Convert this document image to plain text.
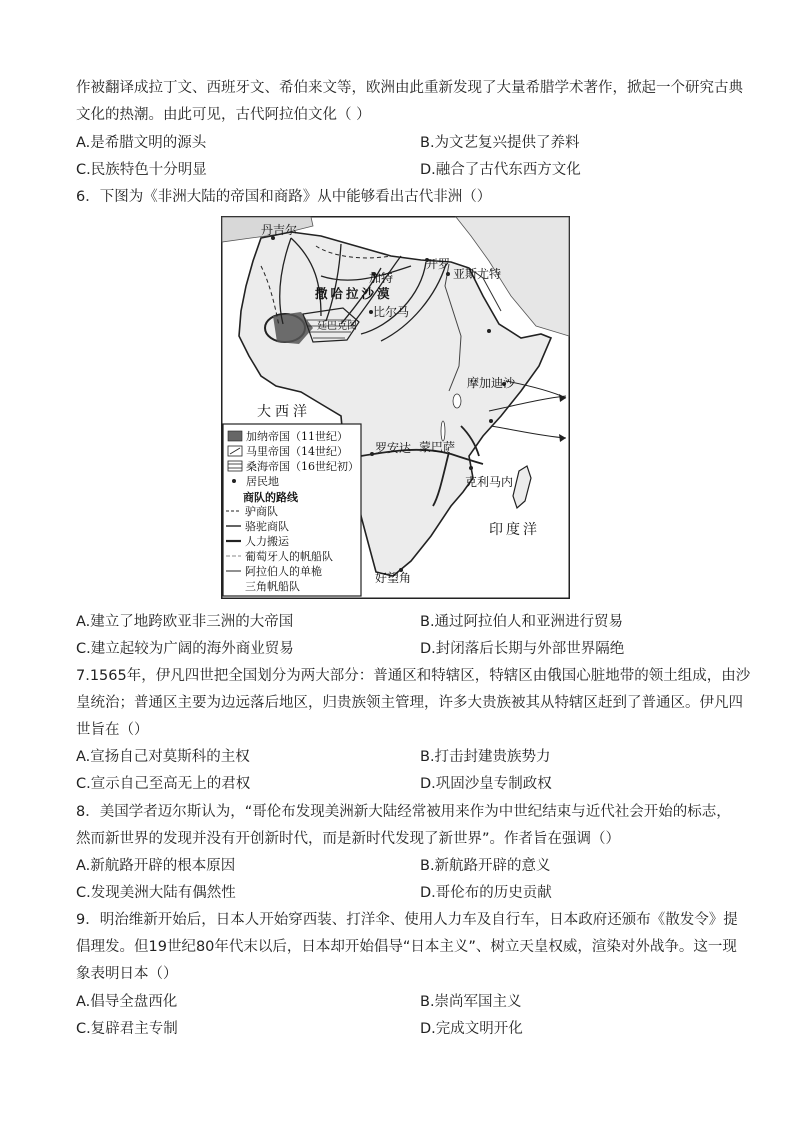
作被翻译成拉丁文、西班牙文、希伯来文等，欧洲由此重新发现了大量希腊学术著作，掀起一个研究古典
文化的热潮。由此可见，古代阿拉伯文化（ ）
A.是希腊文明的源头	B.为文艺复兴提供了养料
C.民族特色十分明显	D.融合了古代东西方文化
6．下图为《非洲大陆的帝国和商路》从中能够看出古代非洲（）
丹吉尔
开罗
亚斯尤特
加特
撒哈拉沙漠
比尔马
廷巴克图
摩加迪沙
大西洋
罗安达 蒙巴萨
克利马内
印度洋
好望角
加纳帝国（11世纪）
马里帝国（14世纪）
桑海帝国（16世纪初）
居民地
商队的路线
驴商队
骆驼商队
人力搬运
葡萄牙人的帆船队
阿拉伯人的单桅
三角帆船队
A.建立了地跨欧亚非三洲的大帝国	B.通过阿拉伯人和亚洲进行贸易
C.建立起较为广阔的海外商业贸易	D.封闭落后长期与外部世界隔绝
7.1565年，伊凡四世把全国划分为两大部分：普通区和特辖区，特辖区由俄国心脏地带的领土组成，由沙
皇统治；普通区主要为边远落后地区，归贵族领主管理，许多大贵族被其从特辖区赶到了普通区。伊凡四
世旨在（）
A.宣扬自己对莫斯科的主权	B.打击封建贵族势力
C.宣示自己至高无上的君权	D.巩固沙皇专制政权
8．美国学者迈尔斯认为，“哥伦布发现美洲新大陆经常被用来作为中世纪结束与近代社会开始的标志，
然而新世界的发现并没有开创新时代，而是新时代发现了新世界”。作者旨在强调（）
A.新航路开辟的根本原因	B.新航路开辟的意义
C.发现美洲大陆有偶然性	D.哥伦布的历史贡献
9．明治维新开始后，日本人开始穿西装、打洋伞、使用人力车及自行车，日本政府还颁布《散发令》提
倡理发。但19世纪80年代末以后，日本却开始倡导“日本主义”、树立天皇权威，渲染对外战争。这一现
象表明日本（）
A.倡导全盘西化	B.崇尚军国主义
C.复辟君主专制	D.完成文明开化
